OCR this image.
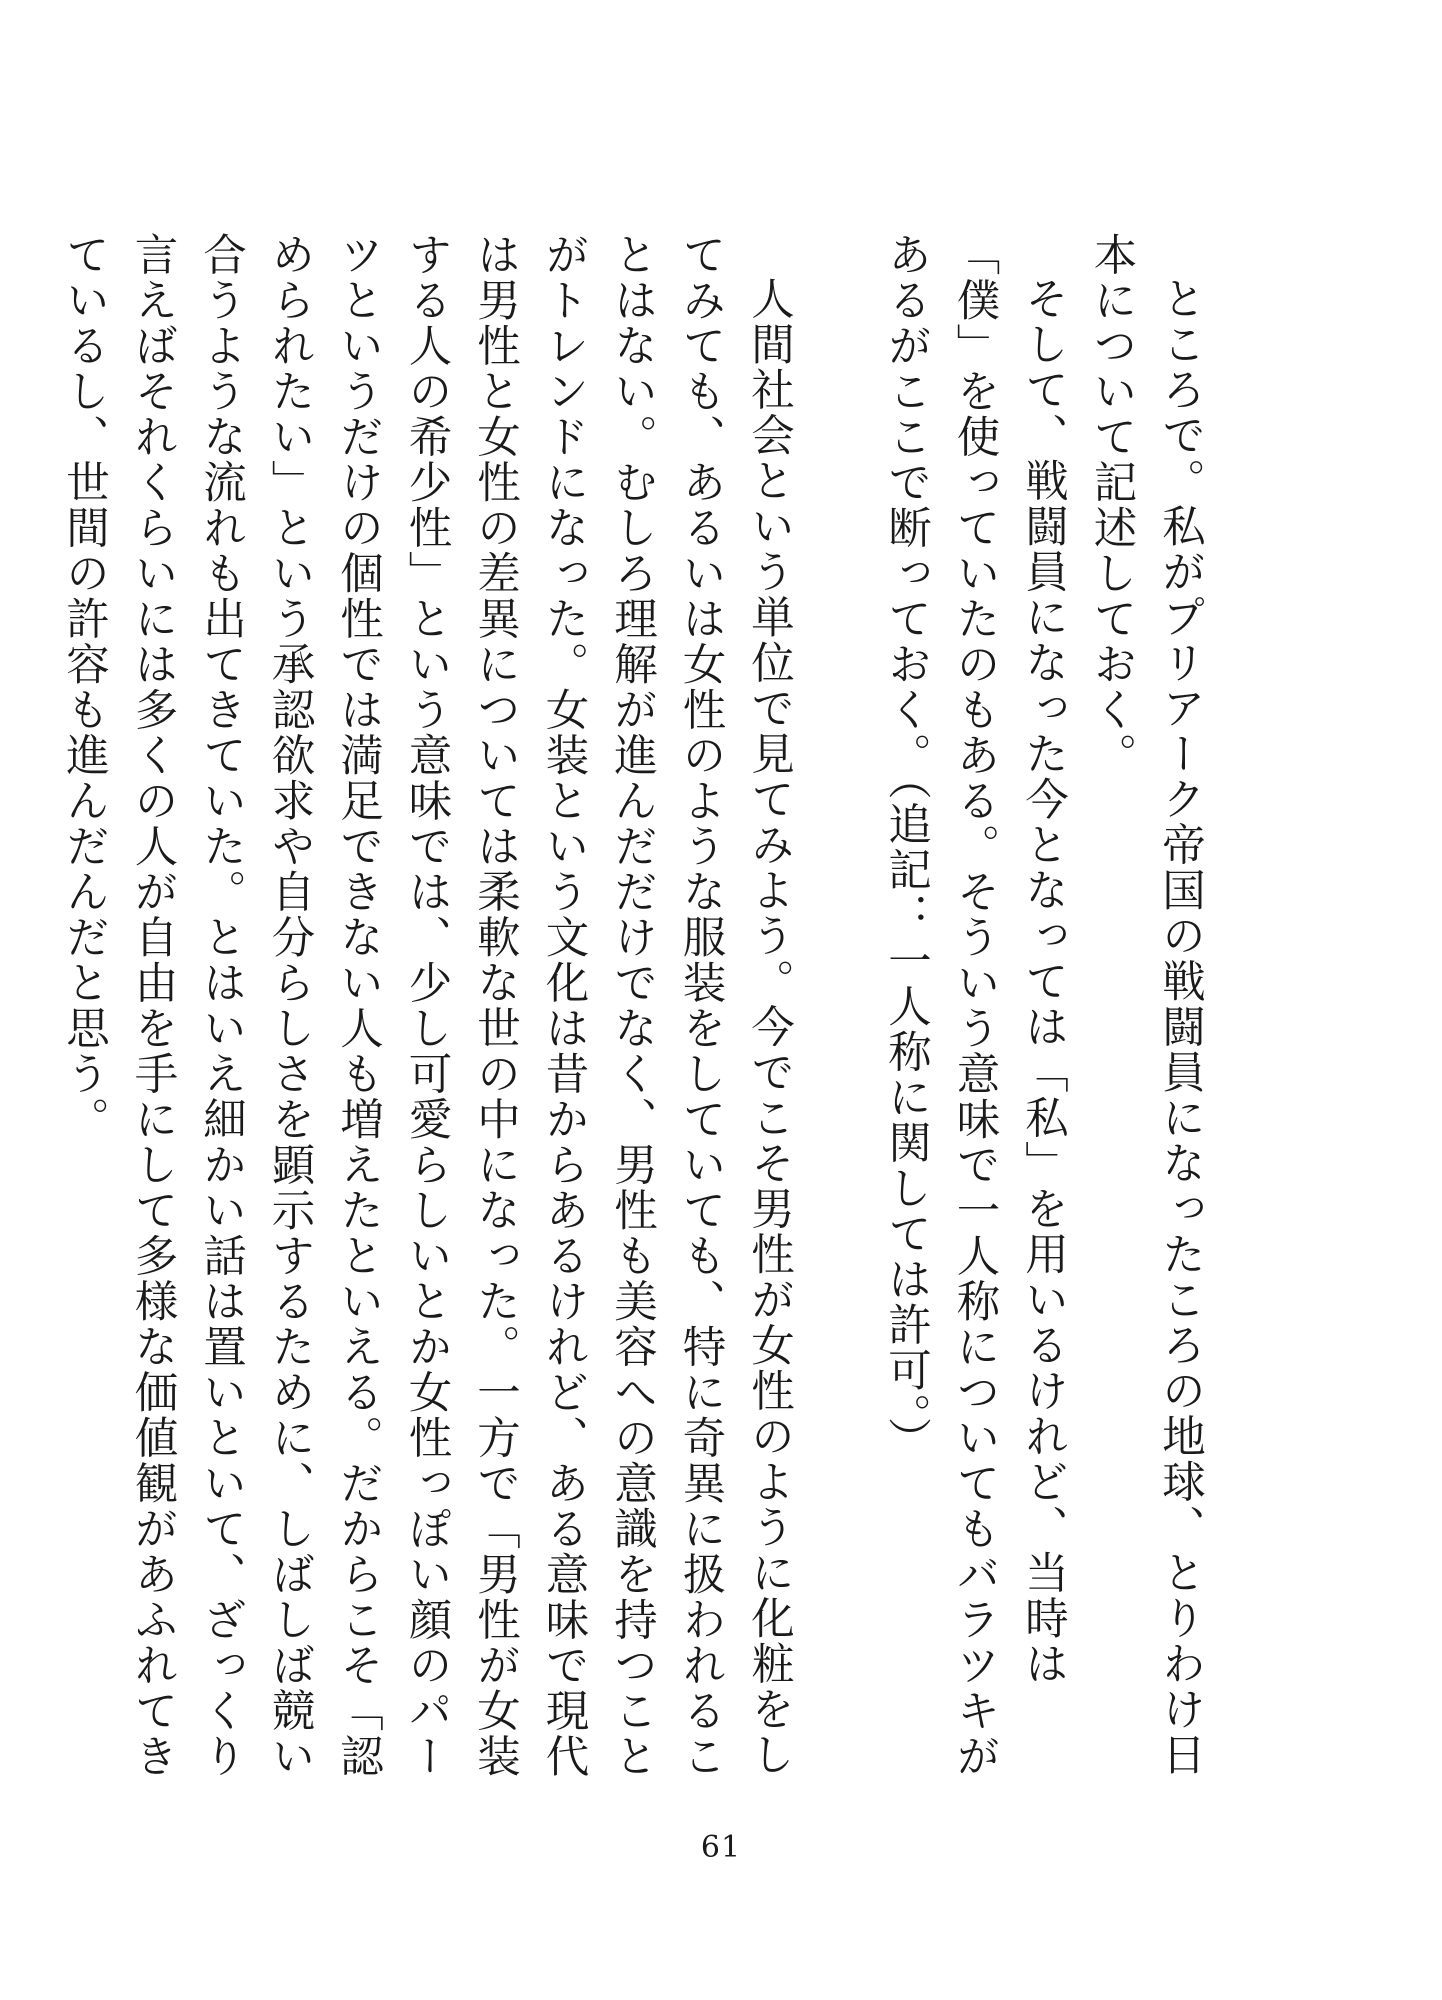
ところで。私がプリアーク帝国の戦闘員になったころの地球、とりわけ日本について記述しておく。

そして、戦闘員になった今となっては「私」を用いるけれど、当時は「僕」を使っていたのもある。そういう意味で一人称についてもバラツキがあるがここで断っておく。（追記：一人称に関しては許可。）

人間社会という単位で見てみよう。今でこそ男性が女性のように化粧をしてみても、あるいは女性のような服装をしていても、特に奇異に扱われることはない。むしろ理解が進んだだけでなく、男性も美容への意識を持つことがトレンドになった。女装という文化は昔からあるけれど、ある意味で現代は男性と女性の差異については柔軟な世の中になった。一方で「男性が女装する人の希少性」という意味では、少し可愛らしいとか女性っぽい顔のパーツというだけの個性では満足できない人も増えたといえる。だからこそ「認められたい」という承認欲求や自分らしさを顕示するために、しばしば競い合うような流れも出てきていた。とはいえ細かい話は置いといて、ざっくり言えばそれくらいには多くの人が自由を手にして多様な価値観があふれてきているし、世間の許容も進んだんだと思う。

61
